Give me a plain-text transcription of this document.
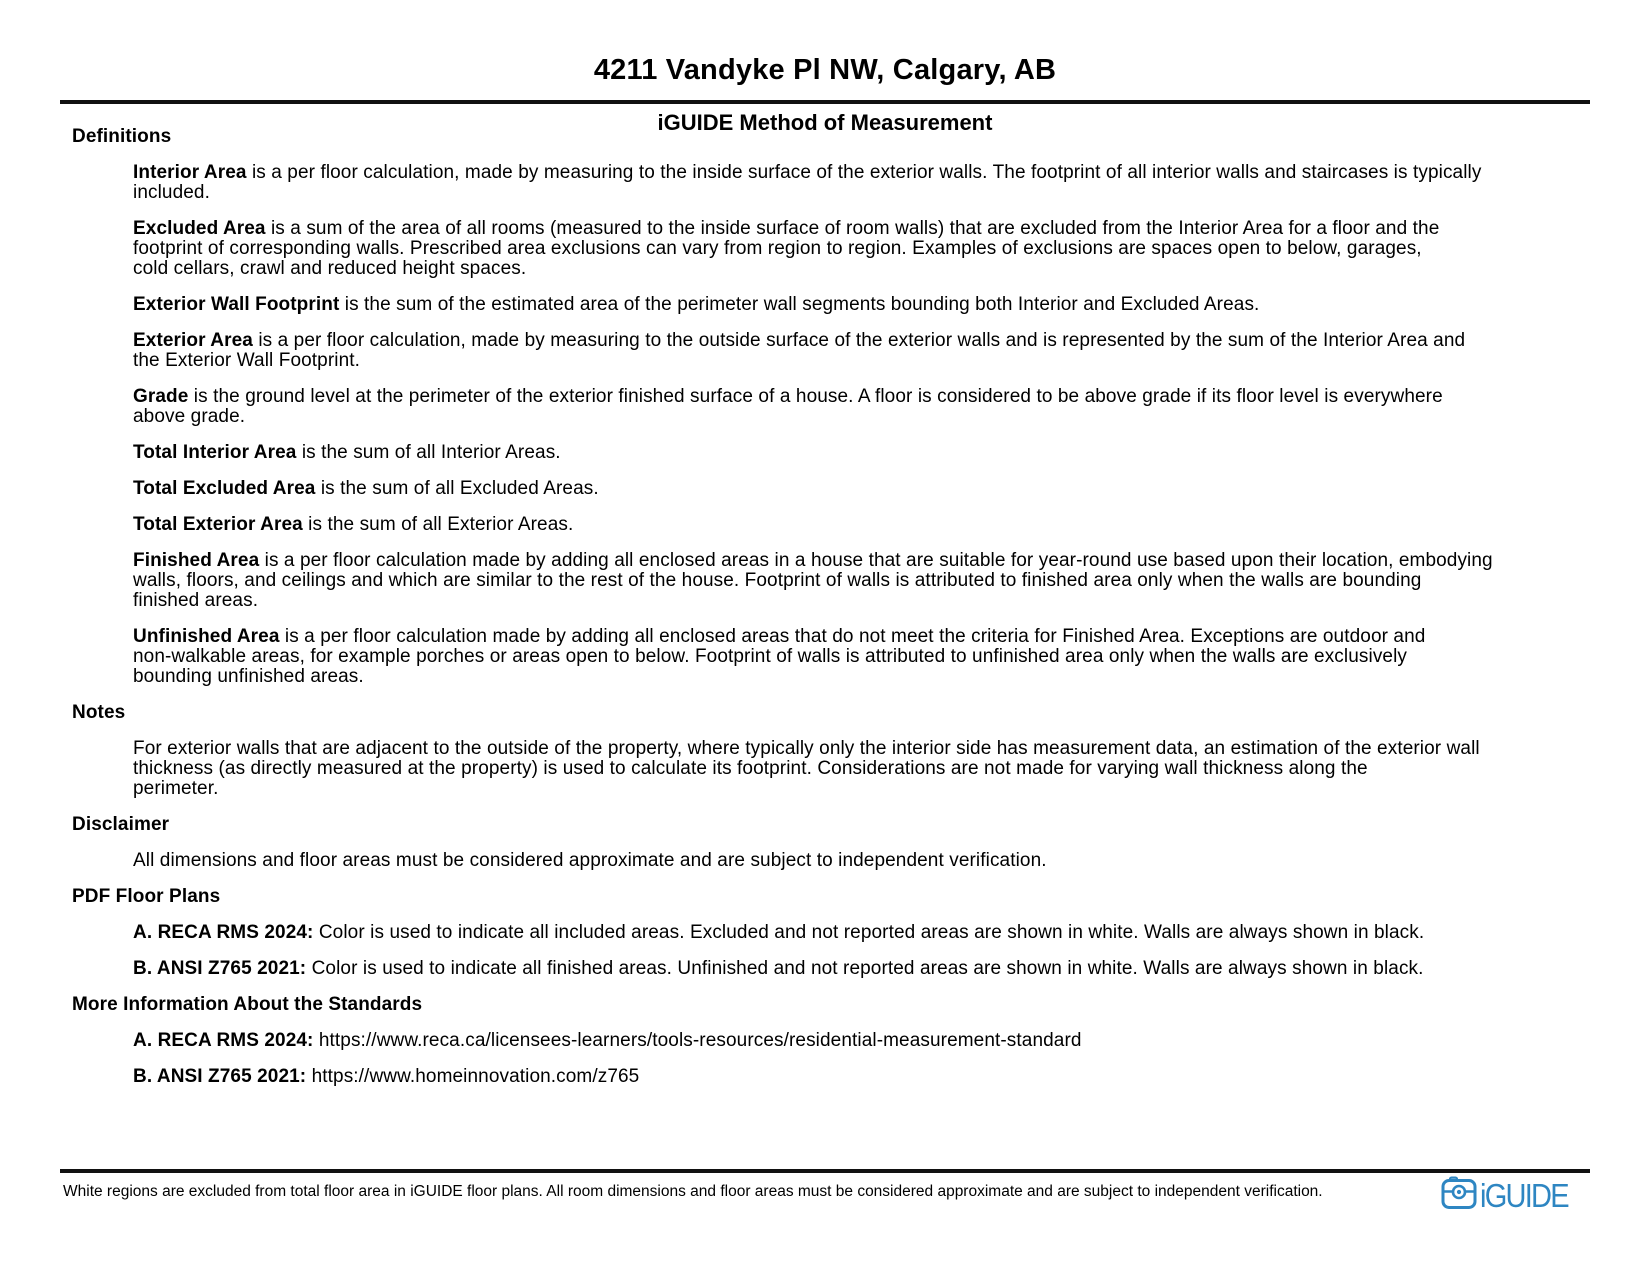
4211 Vandyke Pl NW, Calgary, AB
iGUIDE Method of Measurement
Definitions
Interior Area is a per floor calculation, made by measuring to the inside surface of the exterior walls. The footprint of all interior walls and staircases is typically
included.
Excluded Area is a sum of the area of all rooms (measured to the inside surface of room walls) that are excluded from the Interior Area for a floor and the
footprint of corresponding walls. Prescribed area exclusions can vary from region to region. Examples of exclusions are spaces open to below, garages,
cold cellars, crawl and reduced height spaces.
Exterior Wall Footprint is the sum of the estimated area of the perimeter wall segments bounding both Interior and Excluded Areas.
Exterior Area is a per floor calculation, made by measuring to the outside surface of the exterior walls and is represented by the sum of the Interior Area and
the Exterior Wall Footprint.
Grade is the ground level at the perimeter of the exterior finished surface of a house. A floor is considered to be above grade if its floor level is everywhere
above grade.
Total Interior Area is the sum of all Interior Areas.
Total Excluded Area is the sum of all Excluded Areas.
Total Exterior Area is the sum of all Exterior Areas.
Finished Area is a per floor calculation made by adding all enclosed areas in a house that are suitable for year-round use based upon their location, embodying
walls, floors, and ceilings and which are similar to the rest of the house. Footprint of walls is attributed to finished area only when the walls are bounding
finished areas.
Unfinished Area is a per floor calculation made by adding all enclosed areas that do not meet the criteria for Finished Area. Exceptions are outdoor and
non-walkable areas, for example porches or areas open to below. Footprint of walls is attributed to unfinished area only when the walls are exclusively
bounding unfinished areas.
Notes
For exterior walls that are adjacent to the outside of the property, where typically only the interior side has measurement data, an estimation of the exterior wall
thickness (as directly measured at the property) is used to calculate its footprint. Considerations are not made for varying wall thickness along the
perimeter.
Disclaimer
All dimensions and floor areas must be considered approximate and are subject to independent verification.
PDF Floor Plans
A. RECA RMS 2024: Color is used to indicate all included areas. Excluded and not reported areas are shown in white. Walls are always shown in black.
B. ANSI Z765 2021: Color is used to indicate all finished areas. Unfinished and not reported areas are shown in white. Walls are always shown in black.
More Information About the Standards
A. RECA RMS 2024: https://www.reca.ca/licensees-learners/tools-resources/residential-measurement-standard
B. ANSI Z765 2021: https://www.homeinnovation.com/z765
White regions are excluded from total floor area in iGUIDE floor plans. All room dimensions and floor areas must be considered approximate and are subject to independent verification.	iGUIDE
